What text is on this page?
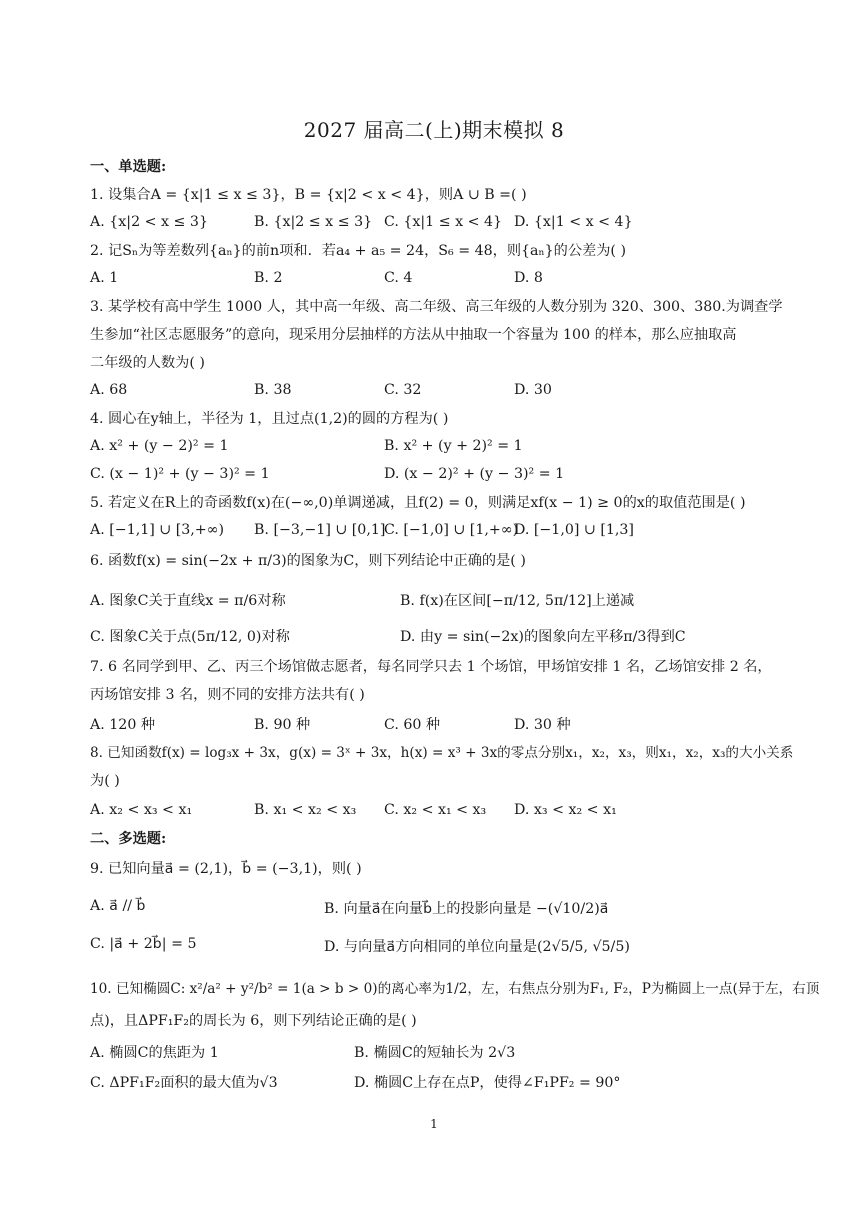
2027 届高二(上)期末模拟 8
一、单选题:
1. 设集合A = {x|1 ≤ x ≤ 3}，B = {x|2 < x < 4}，则A ∪ B =( )
A. {x|2 < x ≤ 3}	B. {x|2 ≤ x ≤ 3} C. {x|1 ≤ x < 4} D. {x|1 < x < 4}
2. 记Sₙ为等差数列{aₙ}的前n项和．若a₄ + a₅ = 24，S₆ = 48，则{aₙ}的公差为( )
A. 1	B. 2	C. 4	D. 8
3. 某学校有高中学生 1000 人，其中高一年级、高二年级、高三年级的人数分别为 320、300、380.为调查学
生参加“社区志愿服务”的意向，现采用分层抽样的方法从中抽取一个容量为 100 的样本，那么应抽取高
二年级的人数为( )
A. 68	B. 38	C. 32	D. 30
4. 圆心在y轴上，半径为 1，且过点(1,2)的圆的方程为( )
A. x² + (y − 2)² = 1	B. x² + (y + 2)² = 1
C. (x − 1)² + (y − 3)² = 1	D. (x − 2)² + (y − 3)² = 1
5. 若定义在R上的奇函数f(x)在(−∞,0)单调递减，且f(2) = 0，则满足xf(x − 1) ≥ 0的x的取值范围是( )
A. [−1,1] ∪ [3,+∞) B. [−3,−1] ∪ [0,1]
C. [−1,0] ∪ [1,+∞)
D. [−1,0] ∪ [1,3]
6. 函数f(x) = sin(−2x + π/3)的图象为C，则下列结论中正确的是( )
A. 图象C关于直线x = π/6对称	B. f(x)在区间[−π/12, 5π/12]上递减
C. 图象C关于点(5π/12, 0)对称	D. 由y = sin(−2x)的图象向左平移π/3得到C
7. 6 名同学到甲、乙、丙三个场馆做志愿者，每名同学只去 1 个场馆，甲场馆安排 1 名，乙场馆安排 2 名，
丙场馆安排 3 名，则不同的安排方法共有( )
A. 120 种	B. 90 种	C. 60 种	D. 30 种
8. 已知函数f(x) = log₃x + 3x，g(x) = 3ˣ + 3x，h(x) = x³ + 3x的零点分别x₁，x₂，x₃，则x₁，x₂，x₃的大小关系
为( )
A. x₂ < x₃ < x₁	B. x₁ < x₂ < x₃ C. x₂ < x₁ < x₃ D. x₃ < x₂ < x₁
二、多选题:
9. 已知向量a⃗ = (2,1)，b⃗ = (−3,1)，则( )
A. a⃗ // b⃗	B. 向量a⃗在向量b⃗上的投影向量是 −(√10/2)a⃗
C. |a⃗ + 2b⃗| = 5	D. 与向量a⃗方向相同的单位向量是(2√5/5, √5/5)
10. 已知椭圆C: x²/a² + y²/b² = 1(a > b > 0)的离心率为1/2，左，右焦点分别为F₁, F₂，P为椭圆上一点(异于左，右顶
点)，且ΔPF₁F₂的周长为 6，则下列结论正确的是( )
A. 椭圆C的焦距为 1	B. 椭圆C的短轴长为 2√3
C. ΔPF₁F₂面积的最大值为√3	D. 椭圆C上存在点P，使得∠F₁PF₂ = 90°
1
